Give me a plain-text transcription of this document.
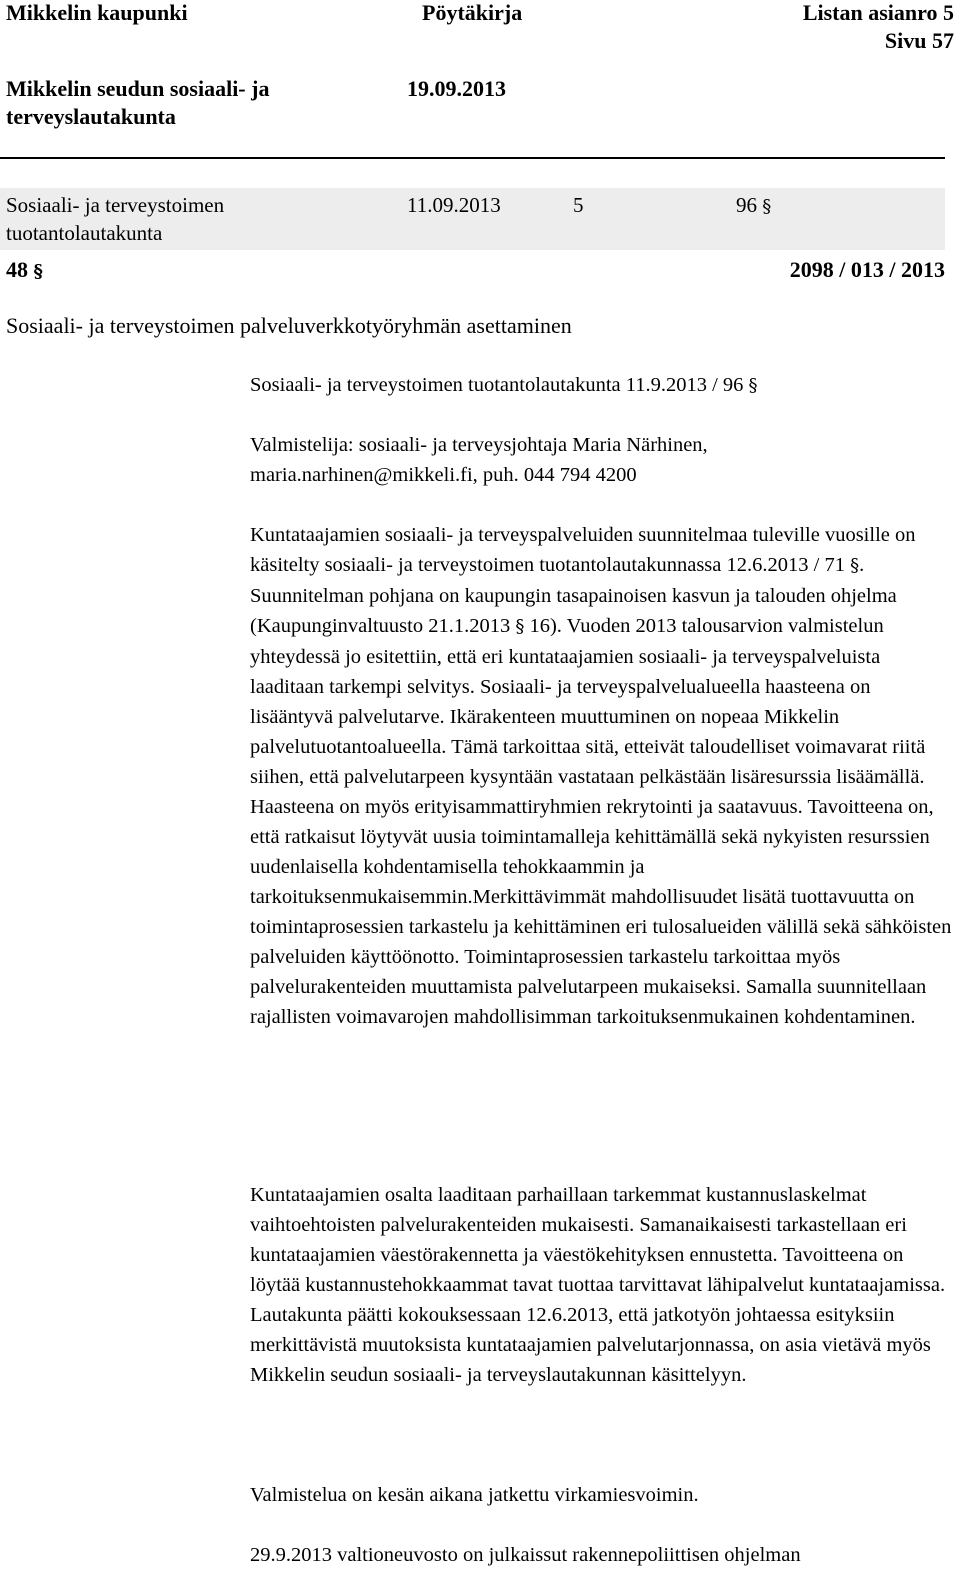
Mikkelin kaupunki	Pöytäkirja	Listan asianro 5
Sivu 57
Mikkelin seudun sosiaali- ja
terveyslautakunta
19.09.2013
Sosiaali- ja terveystoimen
tuotantolautakunta
11.09.2013	5	96 §
48 §	2098 / 013 / 2013
Sosiaali- ja terveystoimen palveluverkkotyöryhmän asettaminen
Sosiaali- ja terveystoimen tuotantolautakunta 11.9.2013 / 96 §

Valmistelija: sosiaali- ja terveysjohtaja Maria Närhinen,

maria.narhinen@mikkeli.fi, puh. 044 794 4200

Kuntataajamien sosiaali- ja terveyspalveluiden suunnitelmaa tuleville vuosille on käsitelty sosiaali- ja terveystoimen tuotantolautakunnassa 12.6.2013 / 71 §. Suunnitelman pohjana on kaupungin tasapainoisen kasvun ja talouden ohjelma (Kaupunginvaltuusto 21.1.2013 § 16). Vuoden 2013 talousarvion valmistelun yhteydessä jo esitettiin, että eri kuntataajamien sosiaali- ja terveyspalveluista laaditaan tarkempi selvitys. Sosiaali- ja terveyspalvelualueella haasteena on lisääntyvä palvelutarve. Ikärakenteen muuttuminen on nopeaa Mikkelin palvelutuotantoalueella. Tämä tarkoittaa sitä, etteivät taloudelliset voimavarat riitä siihen, että palvelutarpeen kysyntään vastataan pelkästään lisäresurssia lisäämällä. Haasteena on myös erityisammattiryhmien rekrytointi ja saatavuus. Tavoitteena on, että ratkaisut löytyvät uusia toimintamalleja kehittämällä sekä nykyisten resurssien uudenlaisella kohdentamisella tehokkaammin ja tarkoituksenmukaisemmin.Merkittävimmät mahdollisuudet lisätä tuottavuutta on toimintaprosessien tarkastelu ja kehittäminen eri tulosalueiden välillä sekä sähköisten palveluiden käyttöönotto. Toimintaprosessien tarkastelu tarkoittaa myös palvelurakenteiden muuttamista palvelutarpeen mukaiseksi. Samalla suunnitellaan rajallisten voimavarojen mahdollisimman tarkoituksenmukainen kohdentaminen.

Kuntataajamien osalta laaditaan parhaillaan tarkemmat kustannuslaskelmat vaihtoehtoisten palvelurakenteiden mukaisesti. Samanaikaisesti tarkastellaan eri kuntataajamien väestörakennetta ja väestökehityksen ennustetta. Tavoitteena on löytää kustannustehokkaammat tavat tuottaa tarvittavat lähipalvelut kuntataajamissa. Lautakunta päätti kokouksessaan 12.6.2013, että jatkotyön johtaessa esityksiin merkittävistä muutoksista kuntataajamien palvelutarjonnassa, on asia vietävä myös Mikkelin seudun sosiaali- ja terveyslautakunnan käsittelyyn.

Valmistelua on kesän aikana jatkettu virkamiesvoimin.

29.9.2013 valtioneuvosto on julkaissut rakennepoliittisen ohjelman
